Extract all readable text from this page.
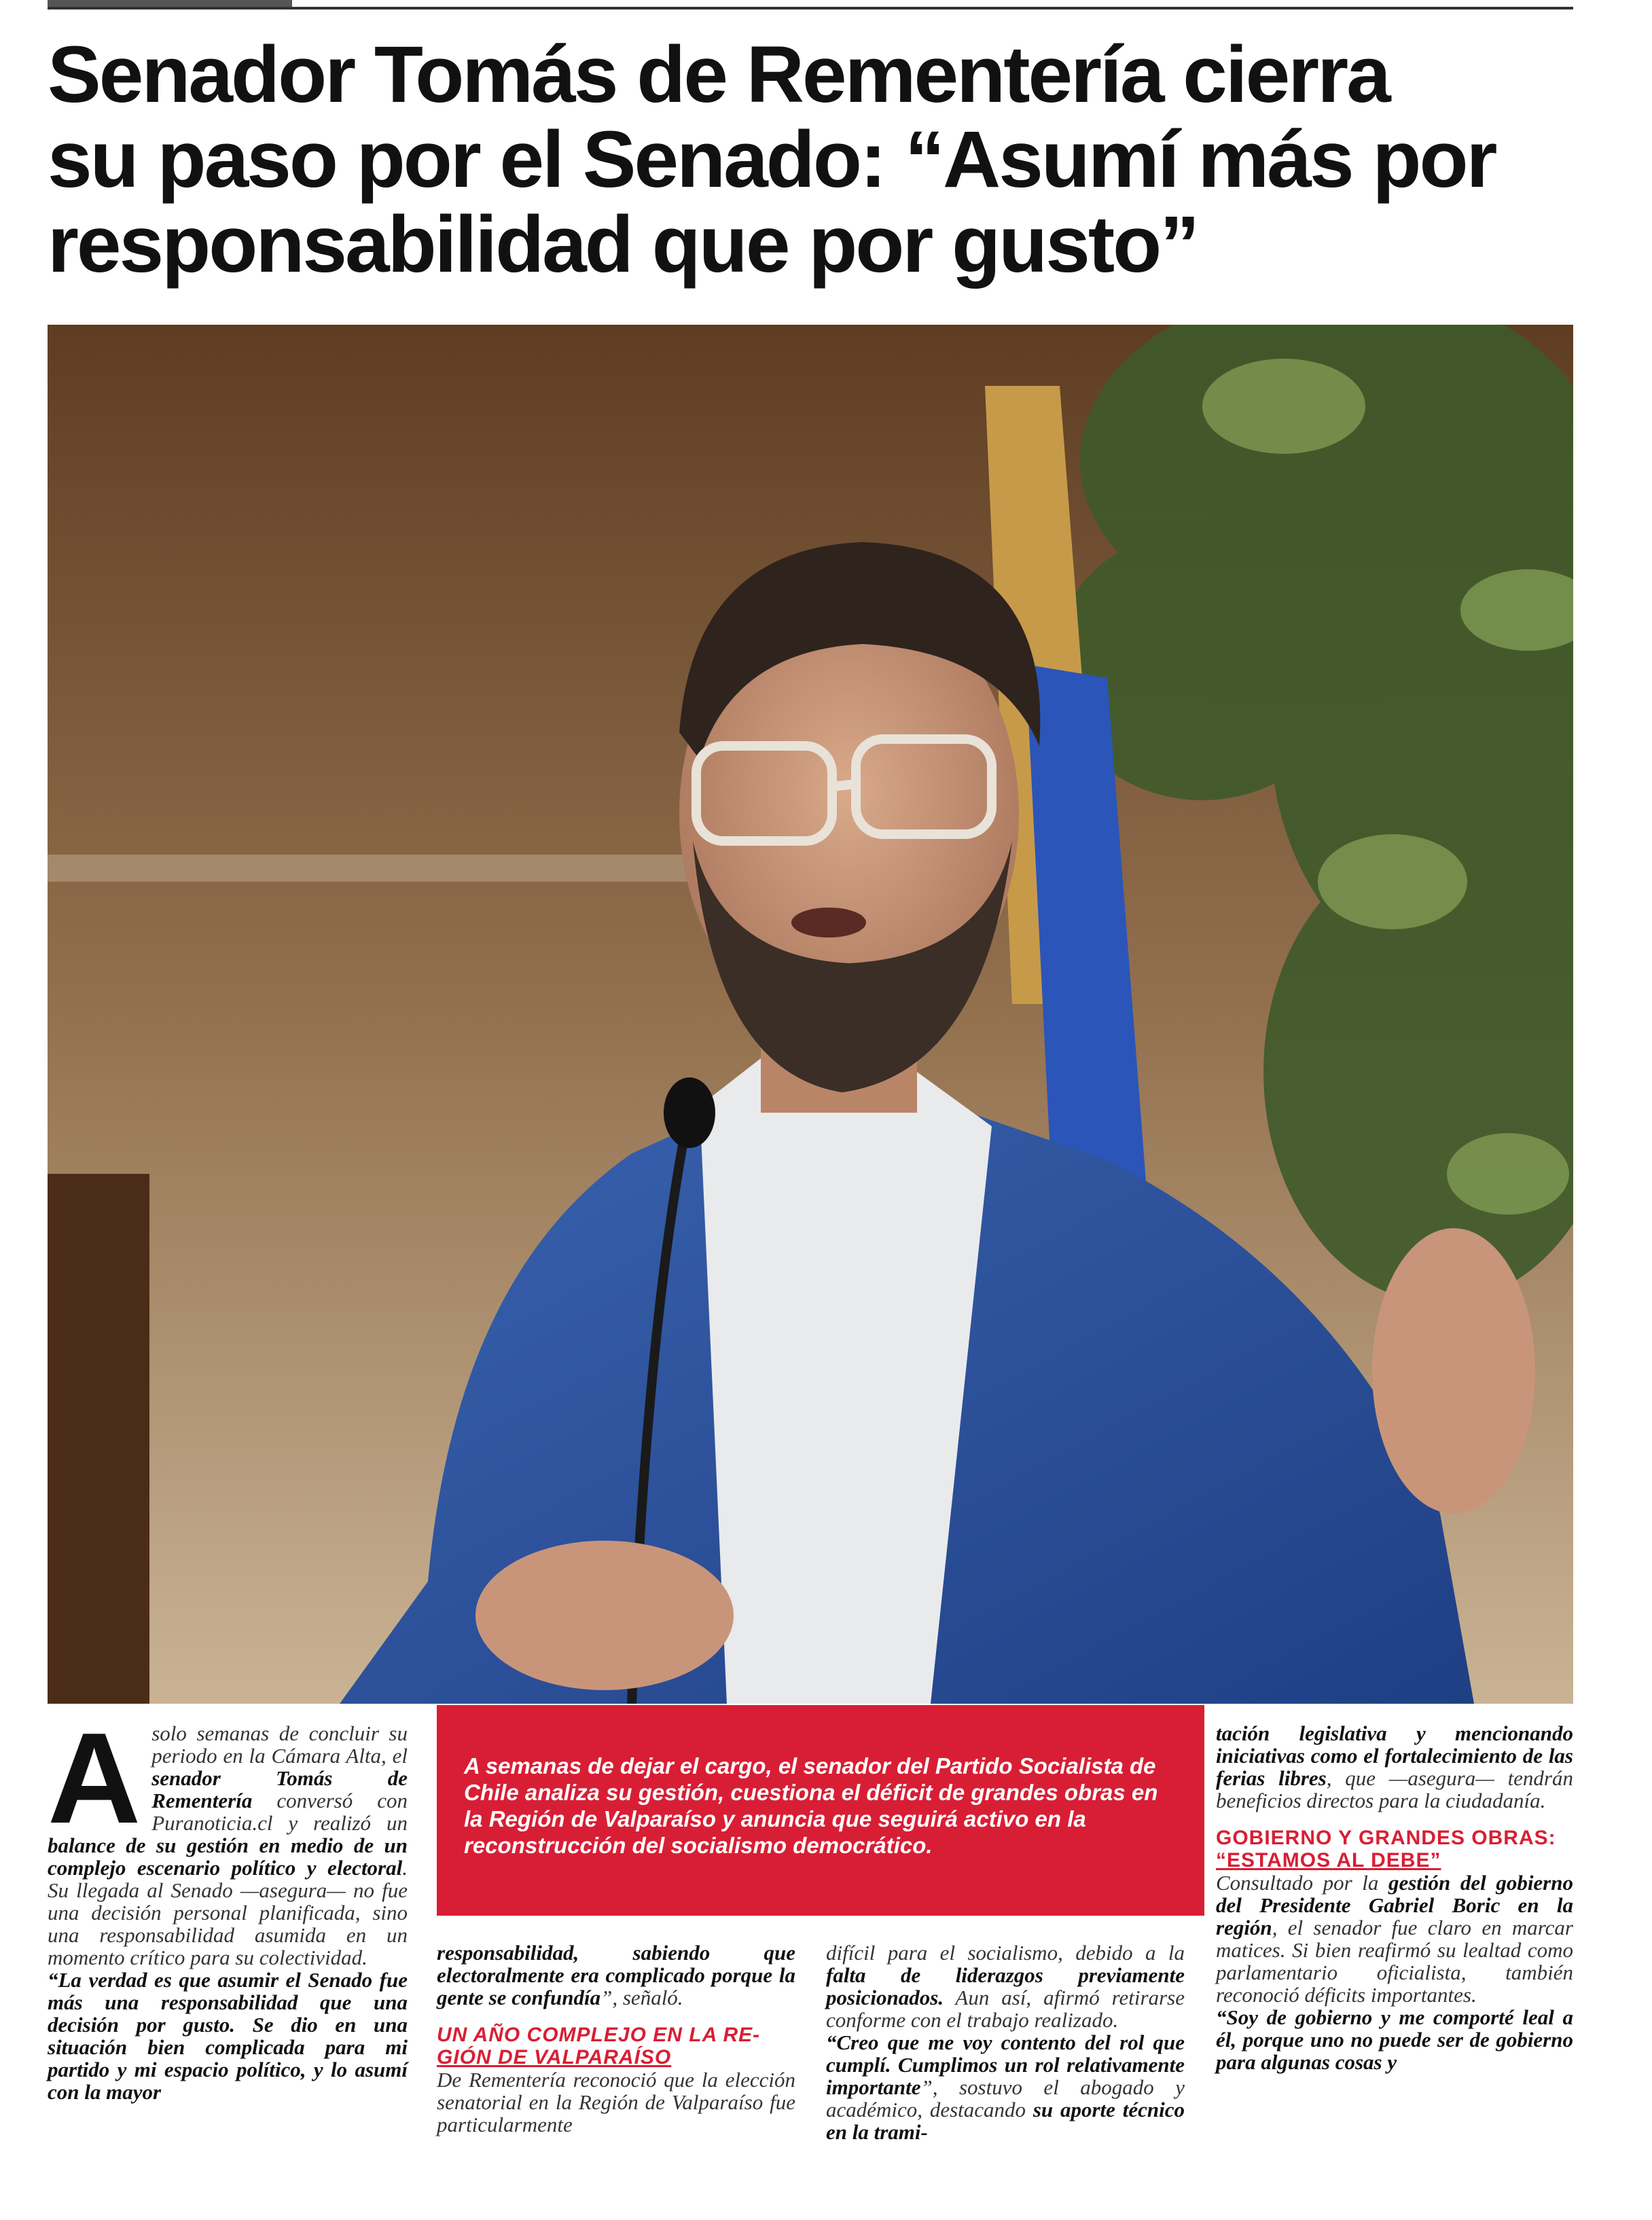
Senador Tomás de Rementería cierra
su paso por el Senado: “Asumí más por
responsabilidad que por gusto”

A solo semanas de concluir su periodo en la Cámara Alta, el senador Tomás de Rementería conversó con Puranoticia.cl y realizó un balance de su gestión en medio de un complejo escenario político y electoral. Su llegada al Senado —asegura— no fue una decisión personal planificada, sino una responsabilidad asumida en un momento crítico para su colectividad.

“La verdad es que asumir el Senado fue más una responsabilidad que una decisión por gusto. Se dio en una situación bien complicada para mi partido y mi espacio político, y lo asumí con la mayor

A semanas de dejar el cargo, el senador del Partido Socialista de Chile analiza su gestión, cuestiona el déficit de grandes obras en la Región de Valparaíso y anuncia que seguirá activo en la reconstrucción del socialismo democrático.

responsabilidad, sabiendo que electoralmente era complicado porque la gente se confundía”, señaló.

UN AÑO COMPLEJO EN LA RE-
GIÓN DE VALPARAÍSO

De Rementería reconoció que la elección senatorial en la Región de Valparaíso fue particularmente

difícil para el socialismo, debido a la falta de liderazgos previamente posicionados. Aun así, afirmó retirarse conforme con el trabajo realizado.

“Creo que me voy contento del rol que cumplí. Cumplimos un rol relativamente importante”, sostuvo el abogado y académico, destacando su aporte técnico en la trami-

tación legislativa y mencionando iniciativas como el fortalecimiento de las ferias libres, que —asegura— tendrán beneficios directos para la ciudadanía.

GOBIERNO Y GRANDES OBRAS:
“ESTAMOS AL DEBE”

Consultado por la gestión del gobierno del Presidente Gabriel Boric en la región, el senador fue claro en marcar matices. Si bien reafirmó su lealtad como parlamentario oficialista, también reconoció déficits importantes.

“Soy de gobierno y me comporté leal a él, porque uno no puede ser de gobierno para algunas cosas y
